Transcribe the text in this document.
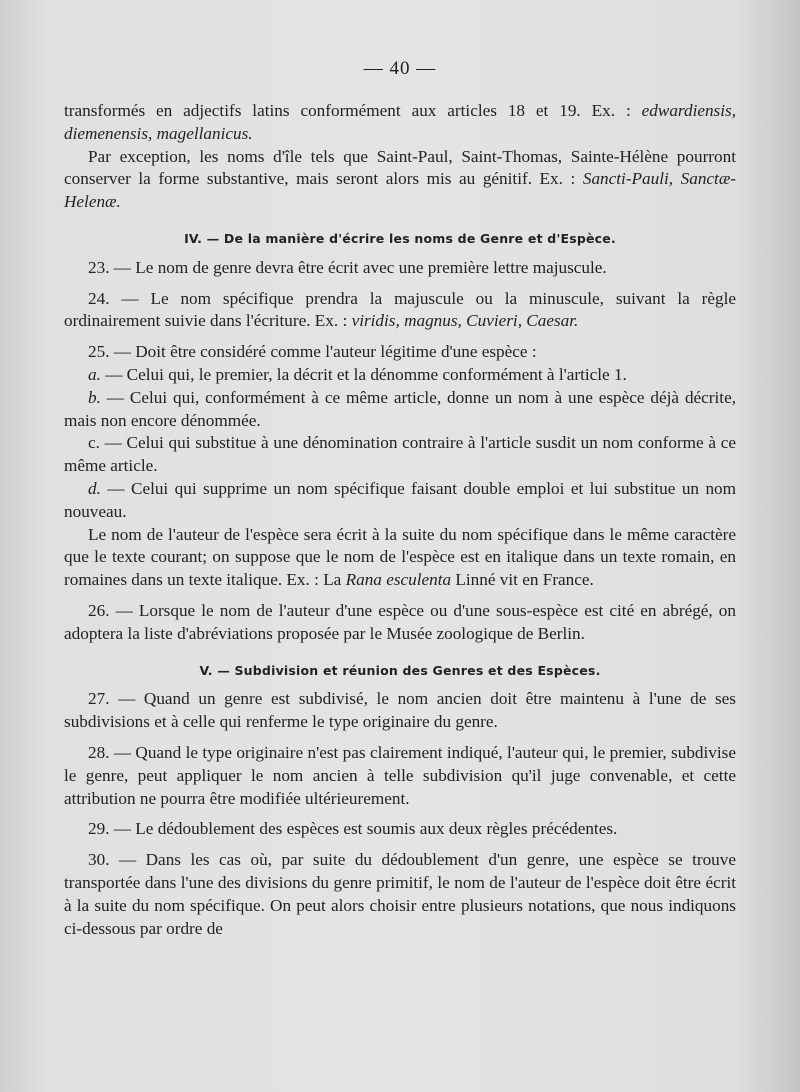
— 40 —

transformés en adjectifs latins conformément aux articles 18 et 19. Ex. : edwardiensis, diemenensis, magellanicus.

Par exception, les noms d'île tels que Saint-Paul, Saint-Thomas, Sainte-Hélène pourront conserver la forme substantive, mais seront alors mis au génitif. Ex. : Sancti-Pauli, Sanctæ-Helenæ.

IV. — De la manière d'écrire les noms de Genre et d'Espèce.

23. — Le nom de genre devra être écrit avec une première lettre majuscule.

24. — Le nom spécifique prendra la majuscule ou la minuscule, suivant la règle ordinairement suivie dans l'écriture. Ex. : viridis, magnus, Cuvieri, Caesar.

25. — Doit être considéré comme l'auteur légitime d'une espèce :

a. — Celui qui, le premier, la décrit et la dénomme conformément à l'article 1.

b. — Celui qui, conformément à ce même article, donne un nom à une espèce déjà décrite, mais non encore dénommée.

c. — Celui qui substitue à une dénomination contraire à l'article susdit un nom conforme à ce même article.

d. — Celui qui supprime un nom spécifique faisant double emploi et lui substitue un nom nouveau.

Le nom de l'auteur de l'espèce sera écrit à la suite du nom spécifique dans le même caractère que le texte courant; on suppose que le nom de l'espèce est en italique dans un texte romain, en romaines dans un texte italique. Ex. : La Rana esculenta Linné vit en France.

26. — Lorsque le nom de l'auteur d'une espèce ou d'une sous-espèce est cité en abrégé, on adoptera la liste d'abréviations proposée par le Musée zoologique de Berlin.

V. — Subdivision et réunion des Genres et des Espèces.

27. — Quand un genre est subdivisé, le nom ancien doit être maintenu à l'une de ses subdivisions et à celle qui renferme le type originaire du genre.

28. — Quand le type originaire n'est pas clairement indiqué, l'auteur qui, le premier, subdivise le genre, peut appliquer le nom ancien à telle subdivision qu'il juge convenable, et cette attribution ne pourra être modifiée ultérieurement.

29. — Le dédoublement des espèces est soumis aux deux règles précédentes.

30. — Dans les cas où, par suite du dédoublement d'un genre, une espèce se trouve transportée dans l'une des divisions du genre primitif, le nom de l'auteur de l'espèce doit être écrit à la suite du nom spécifique. On peut alors choisir entre plusieurs notations, que nous indiquons ci-dessous par ordre de
